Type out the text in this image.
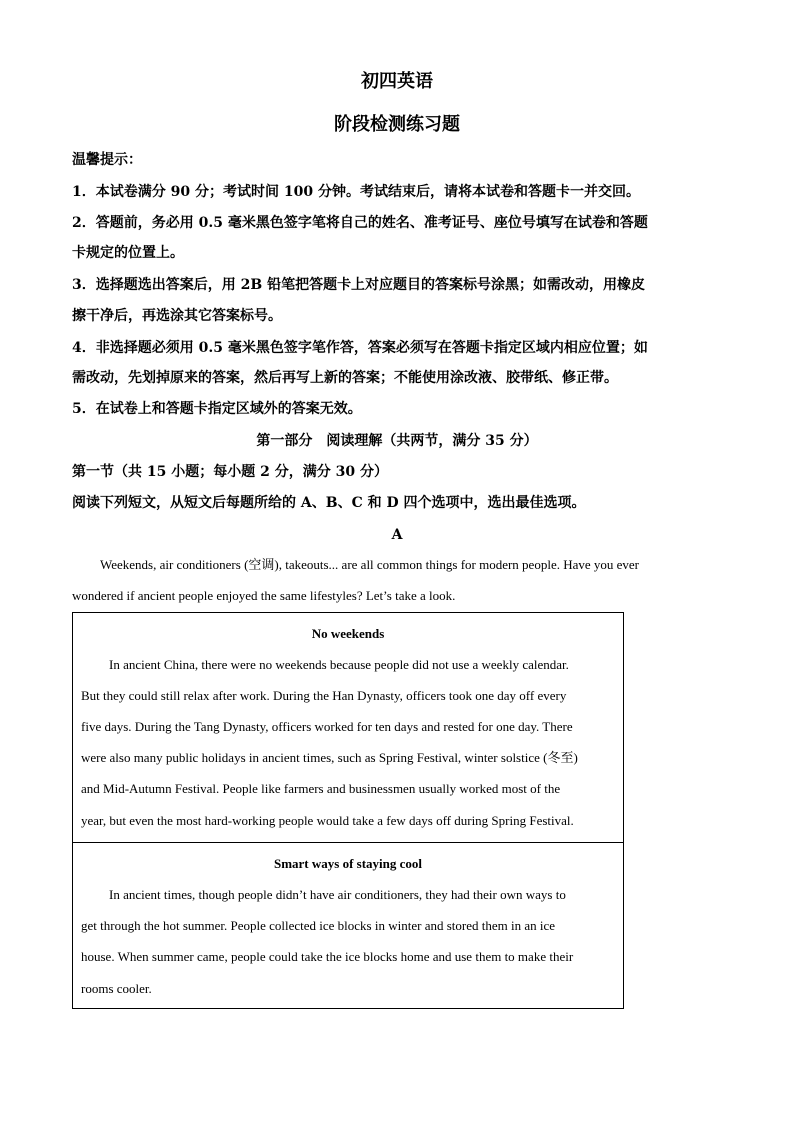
初四英语
阶段检测练习题
温馨提示：
1．本试卷满分 90 分；考试时间 100 分钟。考试结束后，请将本试卷和答题卡一并交回。
2．答题前，务必用 0.5 毫米黑色签字笔将自己的姓名、准考证号、座位号填写在试卷和答题
卡规定的位置上。
3．选择题选出答案后，用 2B 铅笔把答题卡上对应题目的答案标号涂黑；如需改动，用橡皮
擦干净后，再选涂其它答案标号。
4．非选择题必须用 0.5 毫米黑色签字笔作答，答案必须写在答题卡指定区域内相应位置；如
需改动，先划掉原来的答案，然后再写上新的答案；不能使用涂改液、胶带纸、修正带。
5．在试卷上和答题卡指定区域外的答案无效。
第一部分　阅读理解（共两节，满分 35 分）
第一节（共 15 小题；每小题 2 分，满分 30 分）
阅读下列短文，从短文后每题所给的 A、B、C 和 D 四个选项中，选出最佳选项。
A
Weekends, air conditioners (空调), takeouts... are all common things for modern people. Have you ever
wondered if ancient people enjoyed the same lifestyles? Let’s take a look.
No weekends
In ancient China, there were no weekends because people did not use a weekly calendar.
But they could still relax after work. During the Han Dynasty, officers took one day off every
five days. During the Tang Dynasty, officers worked for ten days and rested for one day. There
were also many public holidays in ancient times, such as Spring Festival, winter solstice (冬至)
and Mid-Autumn Festival. People like farmers and businessmen usually worked most of the
year, but even the most hard-working people would take a few days off during Spring Festival.
Smart ways of staying cool
In ancient times, though people didn’t have air conditioners, they had their own ways to
get through the hot summer. People collected ice blocks in winter and stored them in an ice
house. When summer came, people could take the ice blocks home and use them to make their
rooms cooler.
